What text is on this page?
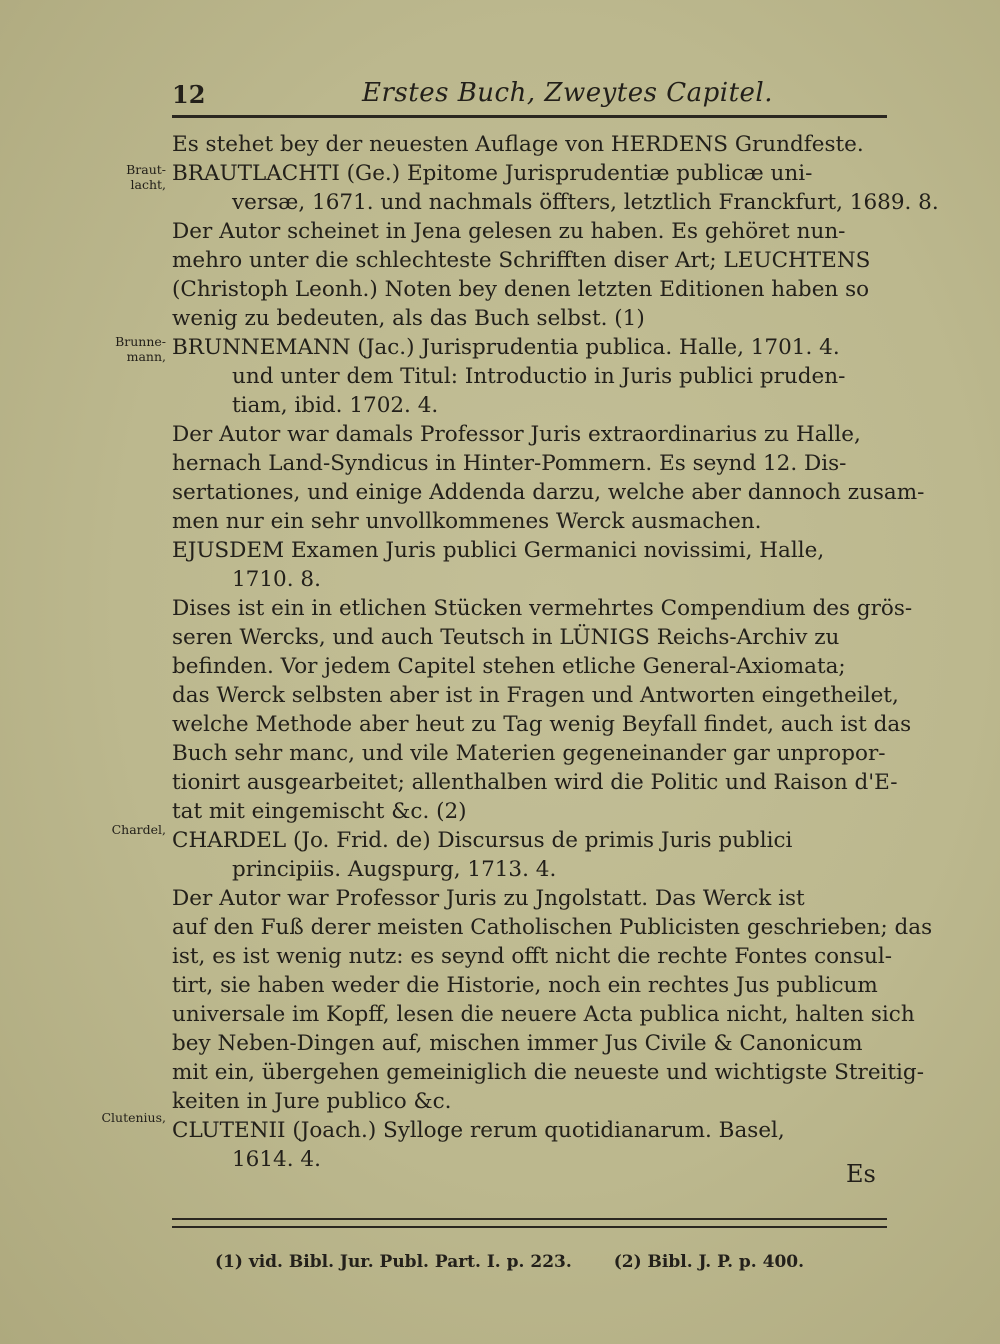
12	Erstes Buch, Zweytes Capitel.
Braut-lacht,
Brunne-mann,
Chardel,
Clutenius,
Es stehet bey der neuesten Auflage von HERDENS Grundfeste.
BRAUTLACHTI (Ge.) Epitome Jurisprudentiæ publicæ uni-
versæ, 1671. und nachmals öffters, letztlich Franckfurt, 1689. 8.
Der Autor scheinet in Jena gelesen zu haben. Es gehöret nun-
mehro unter die schlechteste Schrifften diser Art; LEUCHTENS
(Christoph Leonh.) Noten bey denen letzten Editionen haben so
wenig zu bedeuten, als das Buch selbst. (1)
BRUNNEMANN (Jac.) Jurisprudentia publica. Halle, 1701. 4.
und unter dem Titul: Introductio in Juris publici pruden-
tiam, ibid. 1702. 4.
Der Autor war damals Professor Juris extraordinarius zu Halle,
hernach Land-Syndicus in Hinter-Pommern. Es seynd 12. Dis-
sertationes, und einige Addenda darzu, welche aber dannoch zusam-
men nur ein sehr unvollkommenes Werck ausmachen.
EJUSDEM Examen Juris publici Germanici novissimi, Halle,
1710. 8.
Dises ist ein in etlichen Stücken vermehrtes Compendium des grös-
seren Wercks, und auch Teutsch in LÜNIGS Reichs-Archiv zu
befinden. Vor jedem Capitel stehen etliche General-Axiomata;
das Werck selbsten aber ist in Fragen und Antworten eingetheilet,
welche Methode aber heut zu Tag wenig Beyfall findet, auch ist das
Buch sehr manc, und vile Materien gegeneinander gar unpropor-
tionirt ausgearbeitet; allenthalben wird die Politic und Raison d'E-
tat mit eingemischt &c. (2)
CHARDEL (Jo. Frid. de) Discursus de primis Juris publici
principiis. Augspurg, 1713. 4.
Der Autor war Professor Juris zu Jngolstatt. Das Werck ist
auf den Fuß derer meisten Catholischen Publicisten geschrieben; das
ist, es ist wenig nutz: es seynd offt nicht die rechte Fontes consul-
tirt, sie haben weder die Historie, noch ein rechtes Jus publicum
universale im Kopff, lesen die neuere Acta publica nicht, halten sich
bey Neben-Dingen auf, mischen immer Jus Civile & Canonicum
mit ein, übergehen gemeiniglich die neueste und wichtigste Streitig-
keiten in Jure publico &c.
CLUTENII (Joach.) Sylloge rerum quotidianarum. Basel,
1614. 4.
Es
(1) vid. Bibl. Jur. Publ. Part. I. p. 223. (2) Bibl. J. P. p. 400.
